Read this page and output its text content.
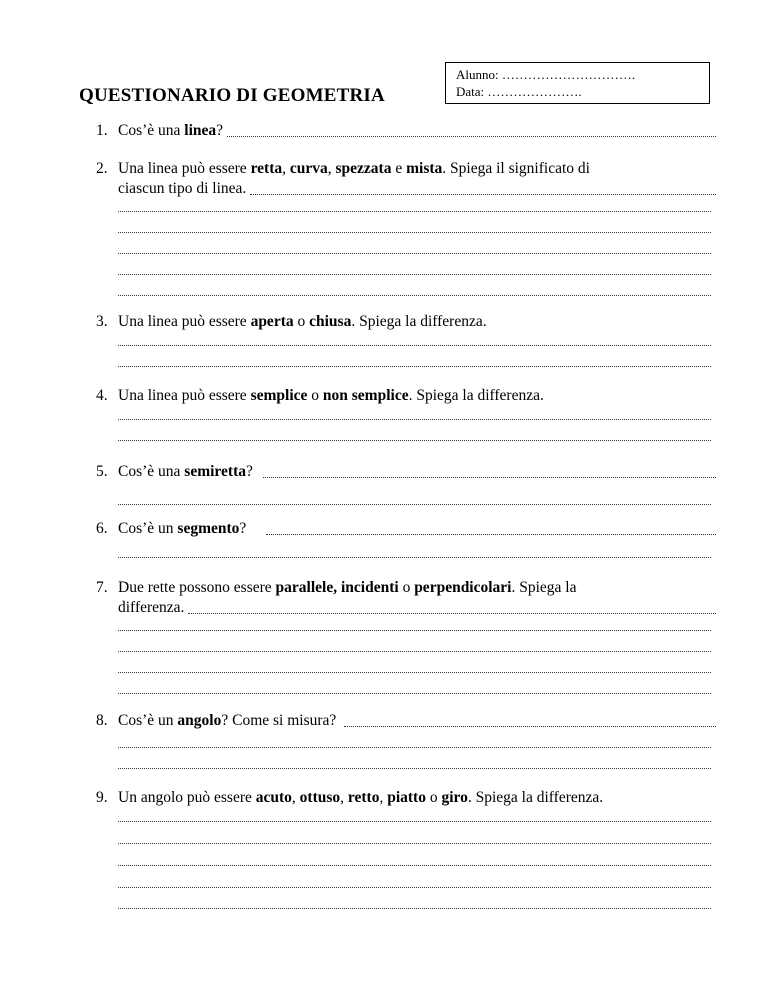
QUESTIONARIO DI GEOMETRIA
Alunno: ………………………….
Data: ………………….
1. Cos’è una linea?
2. Una linea può essere retta, curva, spezzata e mista. Spiega il significato di
ciascun tipo di linea.
3. Una linea può essere aperta o chiusa. Spiega la differenza.
4. Una linea può essere semplice o non semplice. Spiega la differenza.
5. Cos’è una semiretta?
6. Cos’è un segmento?
7. Due rette possono essere parallele, incidenti o perpendicolari. Spiega la
differenza.
8. Cos’è un angolo? Come si misura?
9. Un angolo può essere acuto, ottuso, retto, piatto o giro. Spiega la differenza.
